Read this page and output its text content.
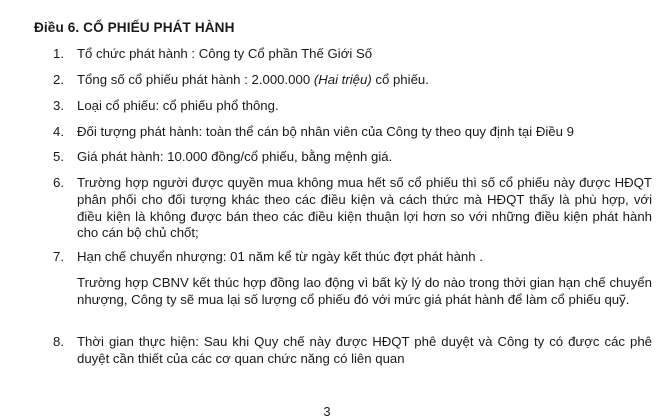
Điều 6. CỔ PHIẾU PHÁT HÀNH
1. Tổ chức phát hành : Công ty Cổ phần Thế Giới Số

2. Tổng số cổ phiếu phát hành : 2.000.000 (Hai triệu) cổ phiếu.

3. Loại cổ phiếu: cổ phiếu phổ thông.

4. Đối tượng phát hành: toàn thể cán bộ nhân viên của Công ty theo quy định tại Điều 9

5. Giá phát hành: 10.000 đồng/cổ phiếu, bằng mệnh giá.

6. Trường hợp người được quyền mua không mua hết số cổ phiếu thì số cổ phiếu này được HĐQT phân phối cho đối tượng khác theo các điều kiện và cách thức mà HĐQT thấy là phù hợp, với điều kiện là không được bán theo các điều kiện thuận lợi hơn so với những điều kiện phát hành cho cán bộ chủ chốt;

7. Hạn chế chuyển nhượng: 01 năm kể từ ngày kết thúc đợt phát hành .

Trường hợp CBNV kết thúc hợp đồng lao động vì bất kỳ lý do nào trong thời gian hạn chế chuyển nhượng, Công ty sẽ mua lại số lượng cổ phiếu đó với mức giá phát hành để làm cổ phiếu quỹ.

8. Thời gian thực hiện: Sau khi Quy chế này được HĐQT phê duyệt và Công ty có được các phê duyệt cần thiết của các cơ quan chức năng có liên quan

3
